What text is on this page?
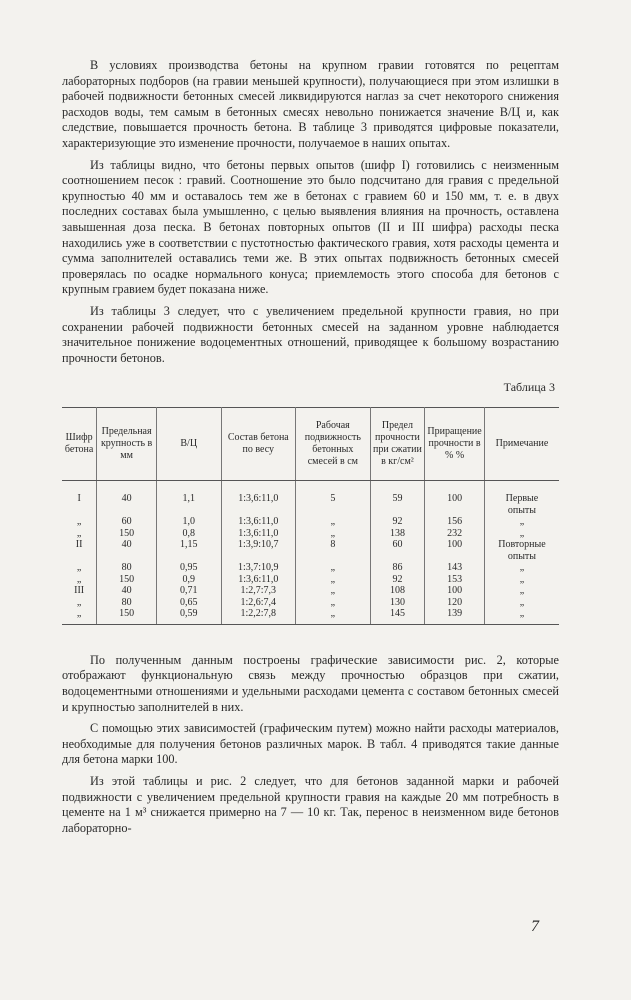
В условиях производства бетоны на крупном гравии готовятся по рецептам лабораторных подборов (на гравии меньшей крупности), получающиеся при этом излишки в рабочей подвижности бетонных смесей ликвидируются наглаз за счет некоторого снижения расходов воды, тем самым в бетонных смесях невольно понижается значение В/Ц и, как следствие, повышается прочность бетона. В таблице 3 приводятся цифровые показатели, характеризующие это изменение прочности, получаемое в наших опытах.

Из таблицы видно, что бетоны первых опытов (шифр I) готовились с неизменным соотношением песок : гравий. Соотношение это было подсчитано для гравия с предельной крупностью 40 мм и оставалось тем же в бетонах с гравием 60 и 150 мм, т. е. в двух последних составах была умышленно, с целью выявления влияния на прочность, оставлена завышенная доза песка. В бетонах повторных опытов (II и III шифра) расходы песка находились уже в соответствии с пустотностью фактического гравия, хотя расходы цемента и сумма заполнителей оставались теми же. В этих опытах подвижность бетонных смесей проверялась по осадке нормального конуса; приемлемость этого способа для бетонов с крупным гравием будет показана ниже.

Из таблицы 3 следует, что с увеличением предельной крупности гравия, но при сохранении рабочей подвижности бетонных смесей на заданном уровне наблюдается значительное понижение водоцементных отношений, приводящее к большому возрастанию прочности бетонов.

Таблица 3
Шифр бетона	Предельная крупность в мм	В/Ц	Состав бетона по весу	Рабочая подвижность бетонных смесей в см	Предел прочности при сжатии в кг/см²	Приращение прочности в % %	Примечание
I	40	1,1	1:3,6:11,0	5	59	100	Первые
							опыты
„	60	1,0	1:3,6:11,0	„	92	156	„
„	150	0,8	1:3,6:11,0	„	138	232	„
II	40	1,15	1:3,9:10,7	8	60	100	Повторные
							опыты
„	80	0,95	1:3,7:10,9	„	86	143	„
„	150	0,9	1:3,6:11,0	„	92	153	„
III	40	0,71	1:2,7:7,3	„	108	100	„
„	80	0,65	1:2,6:7,4	„	130	120	„
„	150	0,59	1:2,2:7,8	„	145	139	„

По полученным данным построены графические зависимости рис. 2, которые отображают функциональную связь между прочностью образцов при сжатии, водоцементными отношениями и удельными расходами цемента с составом бетонных смесей и крупностью заполнителей в них.

С помощью этих зависимостей (графическим путем) можно найти расходы материалов, необходимые для получения бетонов различных марок. В табл. 4 приводятся такие данные для бетона марки 100.

Из этой таблицы и рис. 2 следует, что для бетонов заданной марки и рабочей подвижности с увеличением предельной крупности гравия на каждые 20 мм потребность в цементе на 1 м³ снижается примерно на 7 — 10 кг. Так, перенос в неизменном виде бетонов лабораторно-

7
